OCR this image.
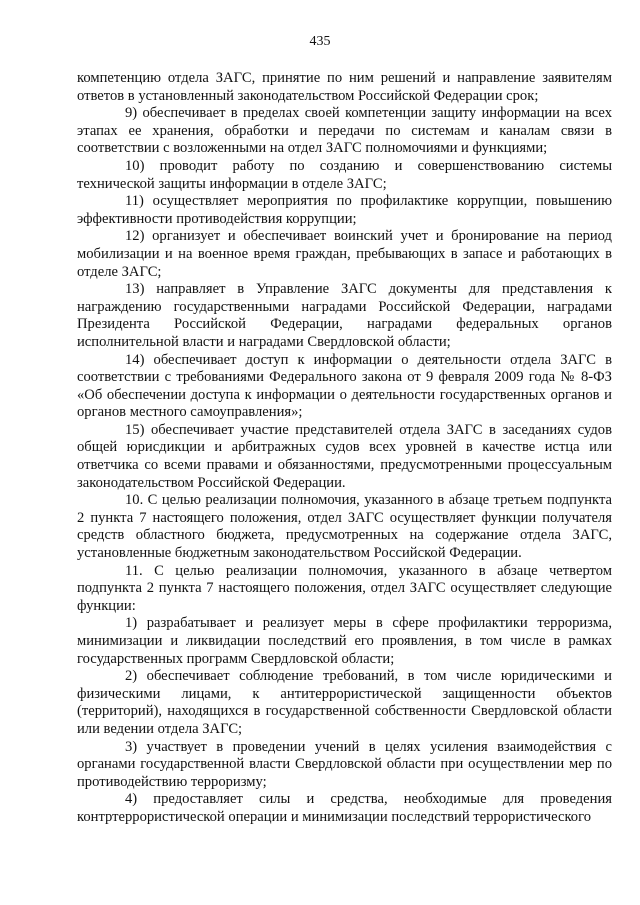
435

компетенцию отдела ЗАГС, принятие по ним решений и направление заявителям ответов в установленный законодательством Российской Федерации срок;

9) обеспечивает в пределах своей компетенции защиту информации на всех этапах ее хранения, обработки и передачи по системам и каналам связи в соответствии с возложенными на отдел ЗАГС полномочиями и функциями;

10) проводит работу по созданию и совершенствованию системы технической защиты информации в отделе ЗАГС;

11) осуществляет мероприятия по профилактике коррупции, повышению эффективности противодействия коррупции;

12) организует и обеспечивает воинский учет и бронирование на период мобилизации и на военное время граждан, пребывающих в запасе и работающих в отделе ЗАГС;

13) направляет в Управление ЗАГС документы для представления к награждению государственными наградами Российской Федерации, наградами Президента Российской Федерации, наградами федеральных органов исполнительной власти и наградами Свердловской области;

14) обеспечивает доступ к информации о деятельности отдела ЗАГС в соответствии с требованиями Федерального закона от 9 февраля 2009 года № 8-ФЗ «Об обеспечении доступа к информации о деятельности государственных органов и органов местного самоуправления»;

15) обеспечивает участие представителей отдела ЗАГС в заседаниях судов общей юрисдикции и арбитражных судов всех уровней в качестве истца или ответчика со всеми правами и обязанностями, предусмотренными процессуальным законодательством Российской Федерации.

10. С целью реализации полномочия, указанного в абзаце третьем подпункта 2 пункта 7 настоящего положения, отдел ЗАГС осуществляет функции получателя средств областного бюджета, предусмотренных на содержание отдела ЗАГС, установленные бюджетным законодательством Российской Федерации.

11. С целью реализации полномочия, указанного в абзаце четвертом подпункта 2 пункта 7 настоящего положения, отдел ЗАГС осуществляет следующие функции:

1) разрабатывает и реализует меры в сфере профилактики терроризма, минимизации и ликвидации последствий его проявления, в том числе в рамках государственных программ Свердловской области;

2) обеспечивает соблюдение требований, в том числе юридическими и физическими лицами, к антитеррористической защищенности объектов (территорий), находящихся в государственной собственности Свердловской области или ведении отдела ЗАГС;

3) участвует в проведении учений в целях усиления взаимодействия с органами государственной власти Свердловской области при осуществлении мер по противодействию терроризму;

4) предоставляет силы и средства, необходимые для проведения контртеррористической операции и минимизации последствий террористического
